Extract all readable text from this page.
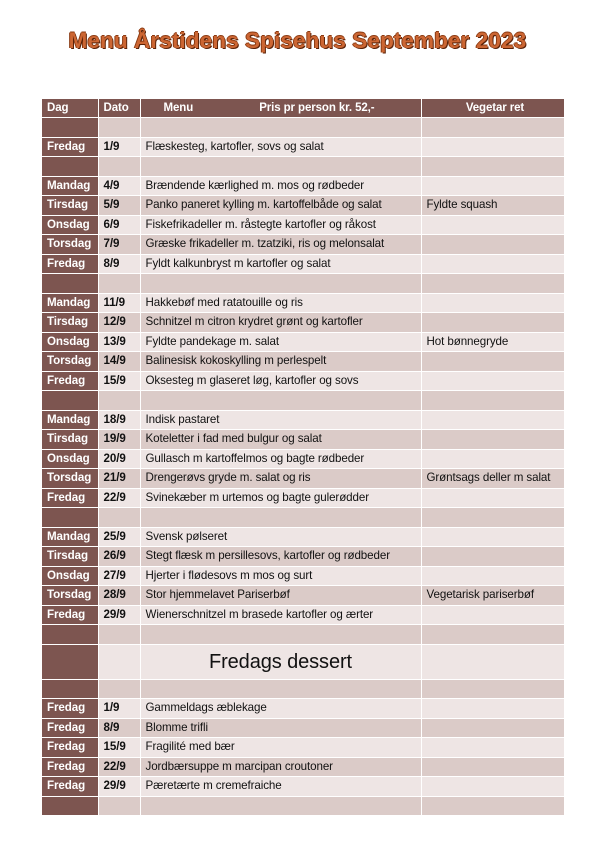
Menu Årstidens Spisehus September 2023
Dag	Dato	Menu Pris pr person kr. 52,-	Vegetar ret

Fredag	1/9	Flæskesteg, kartofler, sovs og salat	

Mandag	4/9	Brændende kærlighed m. mos og rødbeder	
Tirsdag	5/9	Panko paneret kylling m. kartoffelbåde og salat	Fyldte squash
Onsdag	6/9	Fiskefrikadeller m. råstegte kartofler og råkost	
Torsdag	7/9	Græske frikadeller m. tzatziki, ris og melonsalat	
Fredag	8/9	Fyldt kalkunbryst m kartofler og salat	

Mandag	11/9	Hakkebøf med ratatouille og ris	
Tirsdag	12/9	Schnitzel m citron krydret grønt og kartofler	
Onsdag	13/9	Fyldte pandekage m. salat	Hot bønnegryde
Torsdag	14/9	Balinesisk kokoskylling m perlespelt	
Fredag	15/9	Oksesteg m glaseret løg, kartofler og sovs	

Mandag	18/9	Indisk pastaret	
Tirsdag	19/9	Koteletter i fad med bulgur og salat	
Onsdag	20/9	Gullasch m kartoffelmos og bagte rødbeder	
Torsdag	21/9	Drengerøvs gryde m. salat og ris	Grøntsags deller m salat
Fredag	22/9	Svinekæber m urtemos og bagte gulerødder	

Mandag	25/9	Svensk pølseret	
Tirsdag	26/9	Stegt flæsk m persillesovs, kartofler og rødbeder	
Onsdag	27/9	Hjerter i flødesovs m mos og surt	
Torsdag	28/9	Stor hjemmelavet Pariserbøf	Vegetarisk pariserbøf
Fredag	29/9	Wienerschnitzel m brasede kartofler og ærter	

		Fredags dessert	

Fredag	1/9	Gammeldags æblekage	
Fredag	8/9	Blomme trifli	
Fredag	15/9	Fragilité med bær	
Fredag	22/9	Jordbærsuppe m marcipan croutoner	
Fredag	29/9	Pæretærte m cremefraiche	
